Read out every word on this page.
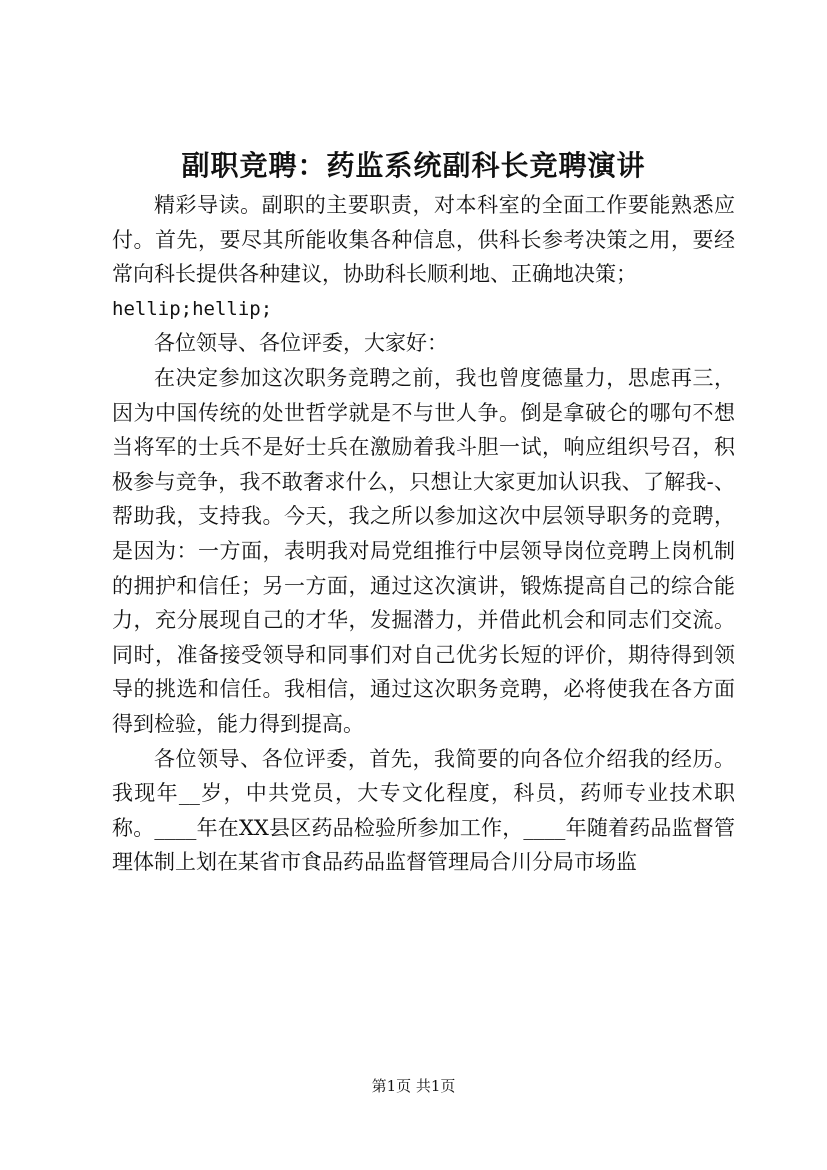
副职竞聘：药监系统副科长竞聘演讲

精彩导读。副职的主要职责，对本科室的全面工作要能熟悉应付。首先，要尽其所能收集各种信息，供科长参考决策之用，要经常向科长提供各种建议，协助科长顺利地、正确地决策；

hellip;hellip;

各位领导、各位评委，大家好：

在决定参加这次职务竞聘之前，我也曾度德量力，思虑再三，因为中国传统的处世哲学就是不与世人争。倒是拿破仑的哪句不想当将军的士兵不是好士兵在激励着我斗胆一试，响应组织号召，积极参与竞争，我不敢奢求什么，只想让大家更加认识我、了解我-、帮助我，支持我。今天，我之所以参加这次中层领导职务的竞聘，是因为：一方面，表明我对局党组推行中层领导岗位竞聘上岗机制的拥护和信任；另一方面，通过这次演讲，锻炼提高自己的综合能力，充分展现自己的才华，发掘潜力，并借此机会和同志们交流。同时，准备接受领导和同事们对自己优劣长短的评价，期待得到领导的挑选和信任。我相信，通过这次职务竞聘，必将使我在各方面得到检验，能力得到提高。

各位领导、各位评委，首先，我简要的向各位介绍我的经历。我现年__岁，中共党员，大专文化程度，科员，药师专业技术职称。____年在XX县区药品检验所参加工作，____年随着药品监督管理体制上划在某省市食品药品监督管理局合川分局市场监

第1页 共1页
